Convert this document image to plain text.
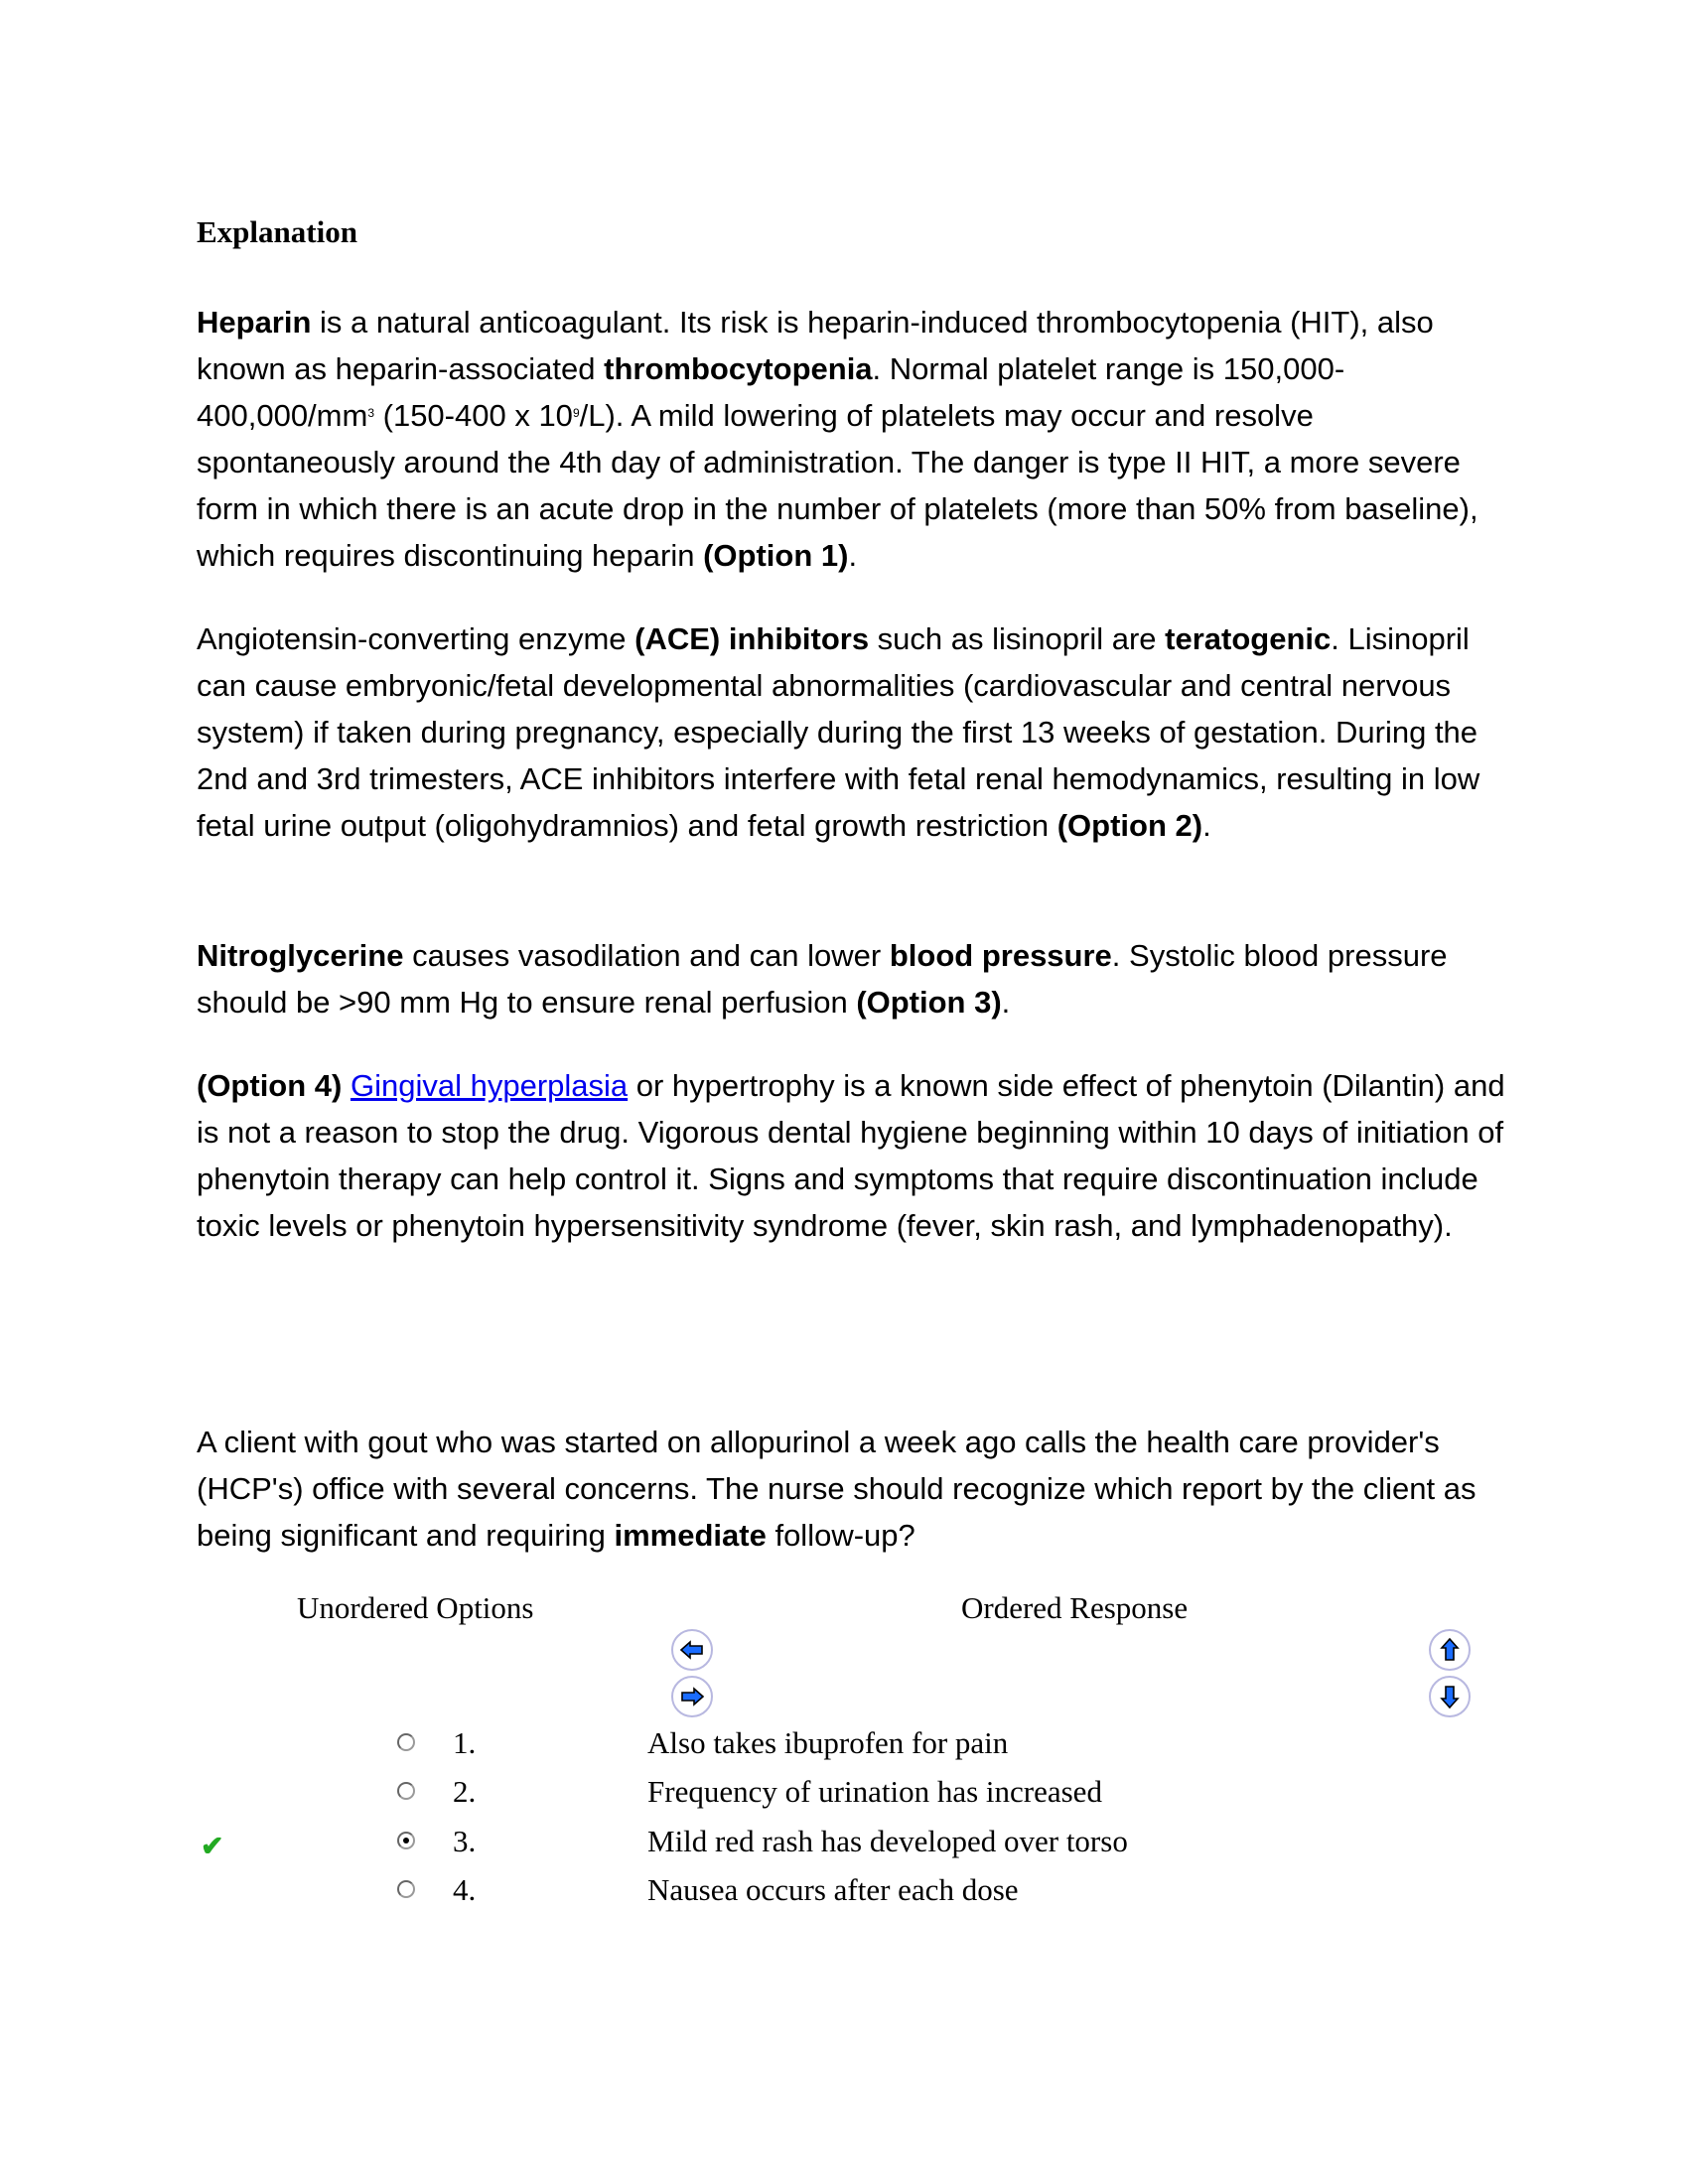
Explanation
Heparin is a natural anticoagulant. Its risk is heparin-induced thrombocytopenia (HIT), also known as heparin-associated thrombocytopenia. Normal platelet range is $150,000-400,000/mm^3$ (150-400 x $10^9/L$). A mild lowering of platelets may occur and resolve spontaneously around the 4th day of administration. The danger is type II HIT, a more severe form in which there is an acute drop in the number of platelets (more than 50% from baseline), which requires discontinuing heparin (Option 1).
Angiotensin-converting enzyme (ACE) inhibitors such as lisinopril are teratogenic. Lisinopril can cause embryonic/fetal developmental abnormalities (cardiovascular and central nervous system) if taken during pregnancy, especially during the first 13 weeks of gestation. During the 2nd and 3rd trimesters, ACE inhibitors interfere with fetal renal hemodynamics, resulting in low fetal urine output (oligohydramnios) and fetal growth restriction (Option 2).
Nitroglycerine causes vasodilation and can lower blood pressure. Systolic blood pressure should be >90 mm Hg to ensure renal perfusion (Option 3).
(Option 4) Gingival hyperplasia or hypertrophy is a known side effect of phenytoin (Dilantin) and is not a reason to stop the drug. Vigorous dental hygiene beginning within 10 days of initiation of phenytoin therapy can help control it. Signs and symptoms that require discontinuation include toxic levels or phenytoin hypersensitivity syndrome (fever, skin rash, and lymphadenopathy).
A client with gout who was started on allopurinol a week ago calls the health care provider's (HCP's) office with several concerns. The nurse should recognize which report by the client as being significant and requiring immediate follow-up?
Unordered Options	Ordered Response
1.	Also takes ibuprofen for pain
2.	Frequency of urination has increased
✔	3.	Mild red rash has developed over torso
4.	Nausea occurs after each dose
